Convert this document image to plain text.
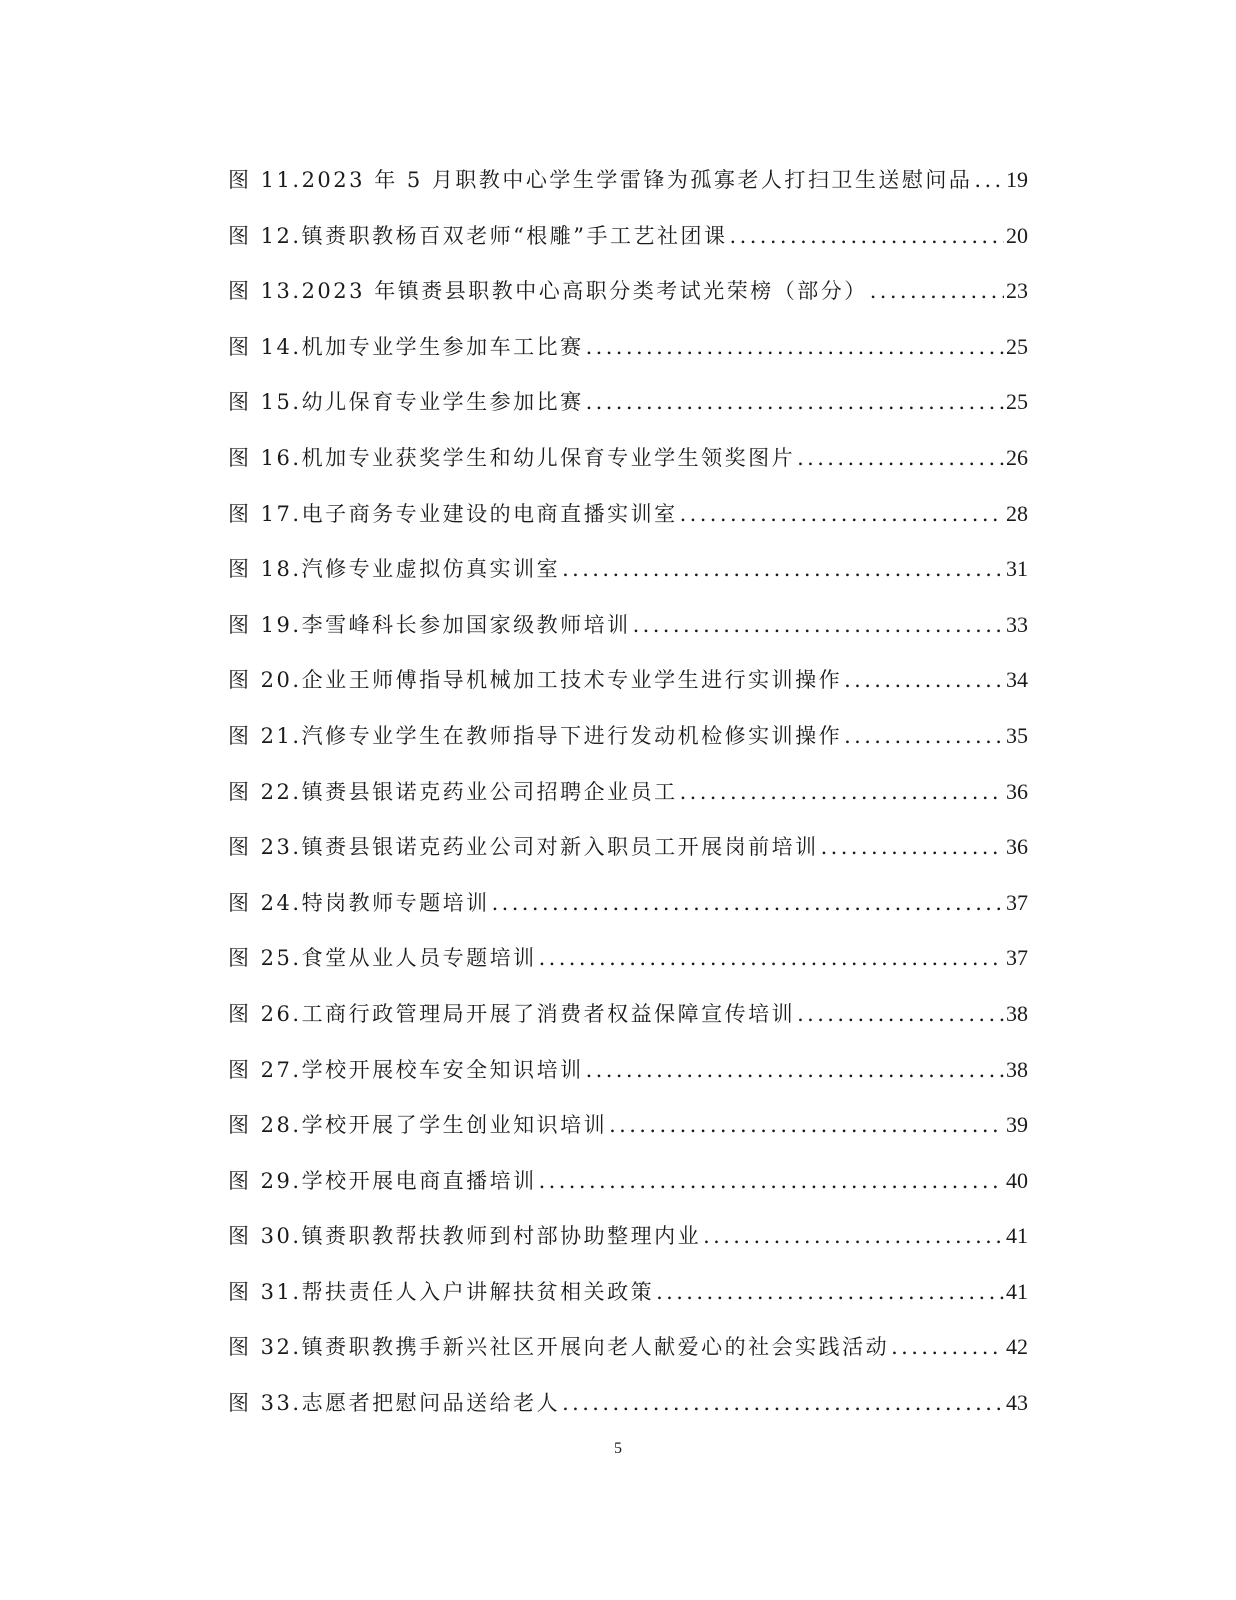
图 11.2023 年 5 月职教中心学生学雷锋为孤寡老人打扫卫生送慰问品 ..... 19
图 12.镇赉职教杨百双老师“根雕”手工艺社团课 .....	20
图 13.2023 年镇赉县职教中心高职分类考试光荣榜（部分） .....	23
图 14.机加专业学生参加车工比赛 .....	25
图 15.幼儿保育专业学生参加比赛 .....	25
图 16.机加专业获奖学生和幼儿保育专业学生领奖图片 .....	26
图 17.电子商务专业建设的电商直播实训室 .....	28
图 18.汽修专业虚拟仿真实训室 .....	31
图 19.李雪峰科长参加国家级教师培训 .....	33
图 20.企业王师傅指导机械加工技术专业学生进行实训操作 .....	34
图 21.汽修专业学生在教师指导下进行发动机检修实训操作 .....	35
图 22.镇赉县银诺克药业公司招聘企业员工 .....	36
图 23.镇赉县银诺克药业公司对新入职员工开展岗前培训 .....	36
图 24.特岗教师专题培训 .....	37
图 25.食堂从业人员专题培训 .....	37
图 26.工商行政管理局开展了消费者权益保障宣传培训 .....	38
图 27.学校开展校车安全知识培训 .....	38
图 28.学校开展了学生创业知识培训 .....	39
图 29.学校开展电商直播培训 .....	40
图 30.镇赉职教帮扶教师到村部协助整理内业 .....	41
图 31.帮扶责任人入户讲解扶贫相关政策 .....	41
图 32.镇赉职教携手新兴社区开展向老人献爱心的社会实践活动 .....	42
图 33.志愿者把慰问品送给老人 .....	43
5
